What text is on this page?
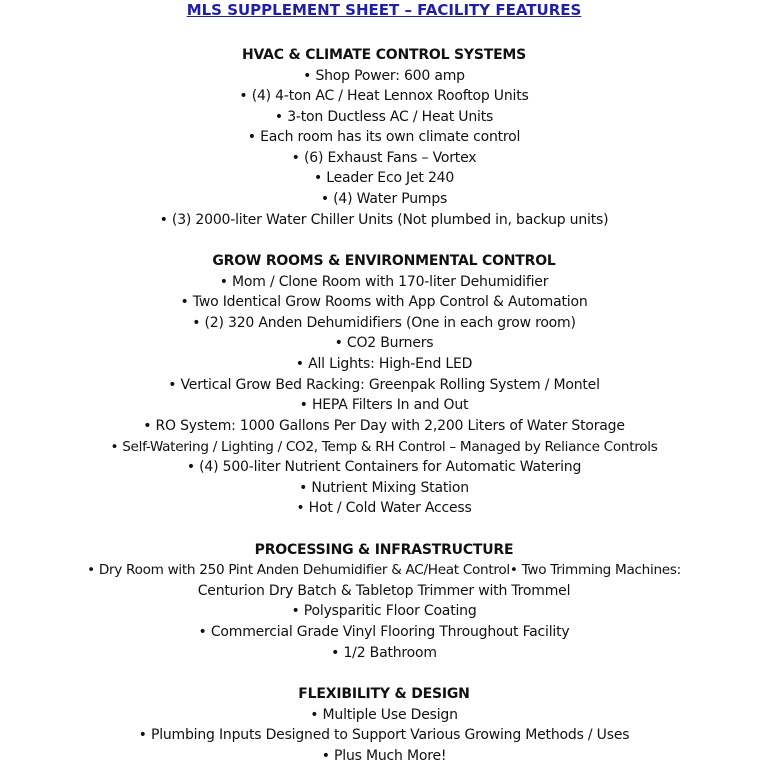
MLS SUPPLEMENT SHEET – FACILITY FEATURES
HVAC & CLIMATE CONTROL SYSTEMS
• Shop Power: 600 amp
• (4) 4-ton AC / Heat Lennox Rooftop Units
• 3-ton Ductless AC / Heat Units
• Each room has its own climate control
• (6) Exhaust Fans – Vortex
• Leader Eco Jet 240
• (4) Water Pumps
• (3) 2000-liter Water Chiller Units (Not plumbed in, backup units)
GROW ROOMS & ENVIRONMENTAL CONTROL
• Mom / Clone Room with 170-liter Dehumidifier
• Two Identical Grow Rooms with App Control & Automation
• (2) 320 Anden Dehumidifiers (One in each grow room)
• CO2 Burners
• All Lights: High-End LED
• Vertical Grow Bed Racking: Greenpak Rolling System / Montel
• HEPA Filters In and Out
• RO System: 1000 Gallons Per Day with 2,200 Liters of Water Storage
• Self-Watering / Lighting / CO2, Temp & RH Control – Managed by Reliance Controls
• (4) 500-liter Nutrient Containers for Automatic Watering
• Nutrient Mixing Station
• Hot / Cold Water Access
PROCESSING & INFRASTRUCTURE
• Dry Room with 250 Pint Anden Dehumidifier & AC/Heat Control• Two Trimming Machines:
Centurion Dry Batch & Tabletop Trimmer with Trommel
• Polysparitic Floor Coating
• Commercial Grade Vinyl Flooring Throughout Facility
• 1/2 Bathroom
FLEXIBILITY & DESIGN
• Multiple Use Design
• Plumbing Inputs Designed to Support Various Growing Methods / Uses
• Plus Much More!
